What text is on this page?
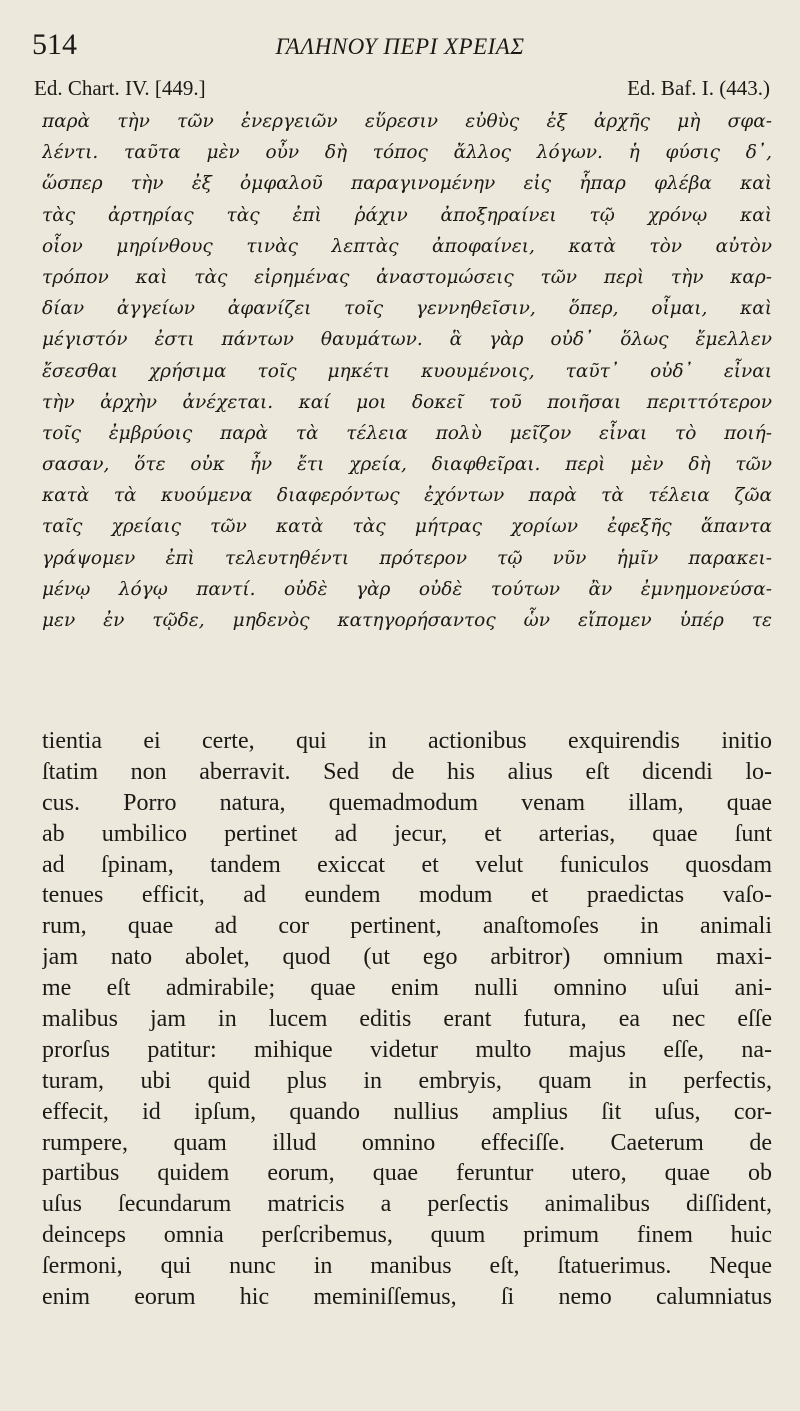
514	ΓΑΛΗΝΟΥ ΠΕΡΙ ΧΡΕΙΑΣ
Ed. Chart. IV. [449.]	Ed. Baf. I. (443.)
παρὰ τὴν τῶν ἐνεργειῶν εὕρεσιν εὐθὺς ἐξ ἀρχῆς μὴ σφα-
λέντι. ταῦτα μὲν οὖν δὴ τόπος ἄλλος λόγων. ἡ φύσις δ᾽,
ὥσπερ τὴν ἐξ ὀμφαλοῦ παραγινομένην εἰς ἧπαρ φλέβα καὶ
τὰς ἀρτηρίας τὰς ἐπὶ ῥάχιν ἀποξηραίνει τῷ χρόνῳ καὶ
οἷον μηρίνθους τινὰς λεπτὰς ἀποφαίνει, κατὰ τὸν αὐτὸν
τρόπον καὶ τὰς εἰρημένας ἀναστομώσεις τῶν περὶ τὴν καρ-
δίαν ἀγγείων ἀφανίζει τοῖς γεννηθεῖσιν, ὅπερ, οἶμαι, καὶ
μέγιστόν ἐστι πάντων θαυμάτων. ἃ γὰρ οὐδ᾽ ὅλως ἔμελλεν
ἔσεσθαι χρήσιμα τοῖς μηκέτι κυουμένοις, ταῦτ᾽ οὐδ᾽ εἶναι
τὴν ἀρχὴν ἀνέχεται. καί μοι δοκεῖ τοῦ ποιῆσαι περιττότερον
τοῖς ἐμβρύοις παρὰ τὰ τέλεια πολὺ μεῖζον εἶναι τὸ ποιή-
σασαν, ὅτε οὐκ ἦν ἔτι χρεία, διαφθεῖραι. περὶ μὲν δὴ τῶν
κατὰ τὰ κυούμενα διαφερόντως ἐχόντων παρὰ τὰ τέλεια ζῶα
ταῖς χρείαις τῶν κατὰ τὰς μήτρας χορίων ἐφεξῆς ἅπαντα
γράψομεν ἐπὶ τελευτηθέντι πρότερον τῷ νῦν ἡμῖν παρακει-
μένῳ λόγῳ παντί. οὐδὲ γὰρ οὐδὲ τούτων ἂν ἐμνημονεύσα-
μεν ἐν τῷδε, μηδενὸς κατηγορήσαντος ὧν εἴπομεν ὑπέρ τε
tientia ei certe, qui in actionibus exquirendis initio
ſtatim non aberravit. Sed de his alius eſt dicendi lo-
cus. Porro natura, quemadmodum venam illam, quae
ab umbilico pertinet ad jecur, et arterias, quae ſunt
ad ſpinam, tandem exiccat et velut funiculos quosdam
tenues efficit, ad eundem modum et praedictas vaſo-
rum, quae ad cor pertinent, anaſtomoſes in animali
jam nato abolet, quod (ut ego arbitror) omnium maxi-
me eſt admirabile; quae enim nulli omnino uſui ani-
malibus jam in lucem editis erant futura, ea nec eſſe
prorſus patitur: mihique videtur multo majus eſſe, na-
turam, ubi quid plus in embryis, quam in perfectis,
effecit, id ipſum, quando nullius amplius ſit uſus, cor-
rumpere, quam illud omnino effeciſſe. Caeterum de
partibus quidem eorum, quae feruntur utero, quae ob
uſus ſecundarum matricis a perſectis animalibus diſſident,
deinceps omnia perſcribemus, quum primum finem huic
ſermoni, qui nunc in manibus eſt, ſtatuerimus. Neque
enim eorum hic meminiſſemus, ſi nemo calumniatus
